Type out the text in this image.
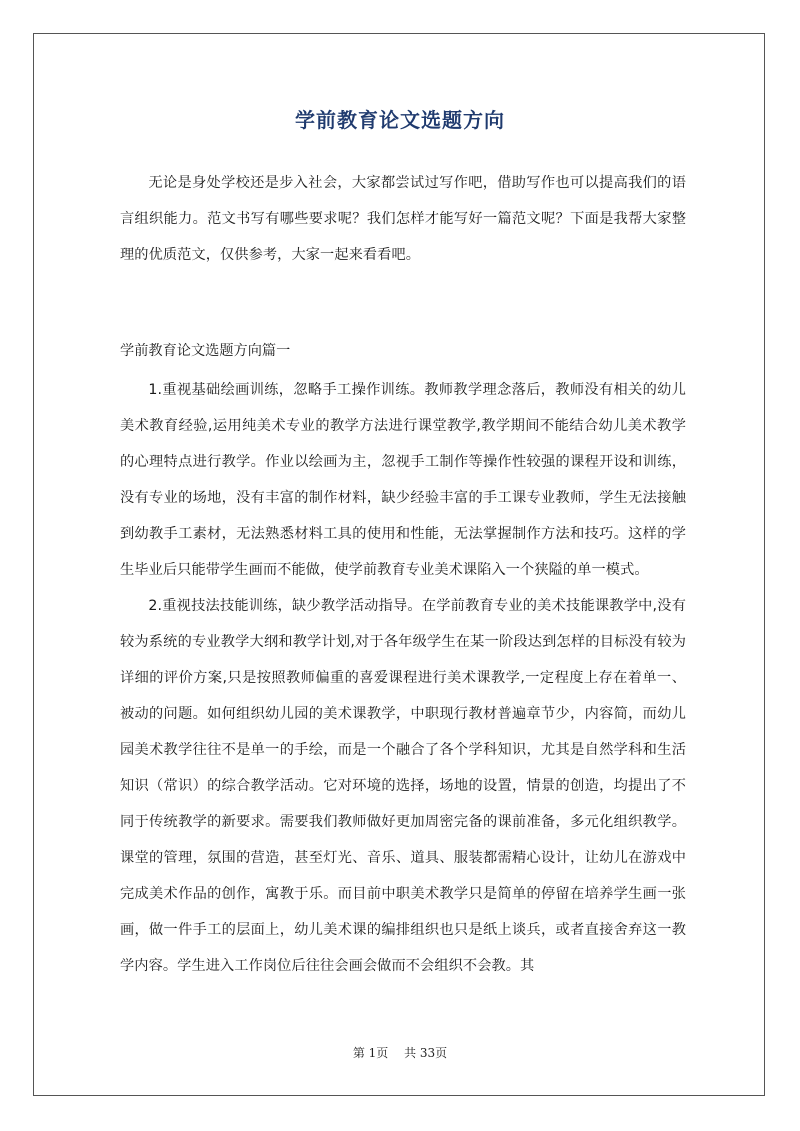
学前教育论文选题方向

无论是身处学校还是步入社会，大家都尝试过写作吧，借助写作也可以提高我们的语言组织能力。范文书写有哪些要求呢？我们怎样才能写好一篇范文呢？下面是我帮大家整理的优质范文，仅供参考，大家一起来看看吧。

学前教育论文选题方向篇一

1.重视基础绘画训练，忽略手工操作训练。教师教学理念落后，教师没有相关的幼儿美术教育经验,运用纯美术专业的教学方法进行课堂教学,教学期间不能结合幼儿美术教学的心理特点进行教学。作业以绘画为主，忽视手工制作等操作性较强的课程开设和训练，没有专业的场地，没有丰富的制作材料，缺少经验丰富的手工课专业教师，学生无法接触到幼教手工素材，无法熟悉材料工具的使用和性能，无法掌握制作方法和技巧。这样的学生毕业后只能带学生画而不能做，使学前教育专业美术课陷入一个狭隘的单一模式。

2.重视技法技能训练，缺少教学活动指导。在学前教育专业的美术技能课教学中,没有较为系统的专业教学大纲和教学计划,对于各年级学生在某一阶段达到怎样的目标没有较为详细的评价方案,只是按照教师偏重的喜爱课程进行美术课教学,一定程度上存在着单一、被动的问题。如何组织幼儿园的美术课教学，中职现行教材普遍章节少，内容简，而幼儿园美术教学往往不是单一的手绘，而是一个融合了各个学科知识，尤其是自然学科和生活知识（常识）的综合教学活动。它对环境的选择，场地的设置，情景的创造，均提出了不同于传统教学的新要求。需要我们教师做好更加周密完备的课前准备，多元化组织教学。课堂的管理，氛围的营造，甚至灯光、音乐、道具、服装都需精心设计，让幼儿在游戏中完成美术作品的创作，寓教于乐。而目前中职美术教学只是简单的停留在培养学生画一张画，做一件手工的层面上，幼儿美术课的编排组织也只是纸上谈兵，或者直接舍弃这一教学内容。学生进入工作岗位后往往会画会做而不会组织不会教。其

第 1页 共 33页
